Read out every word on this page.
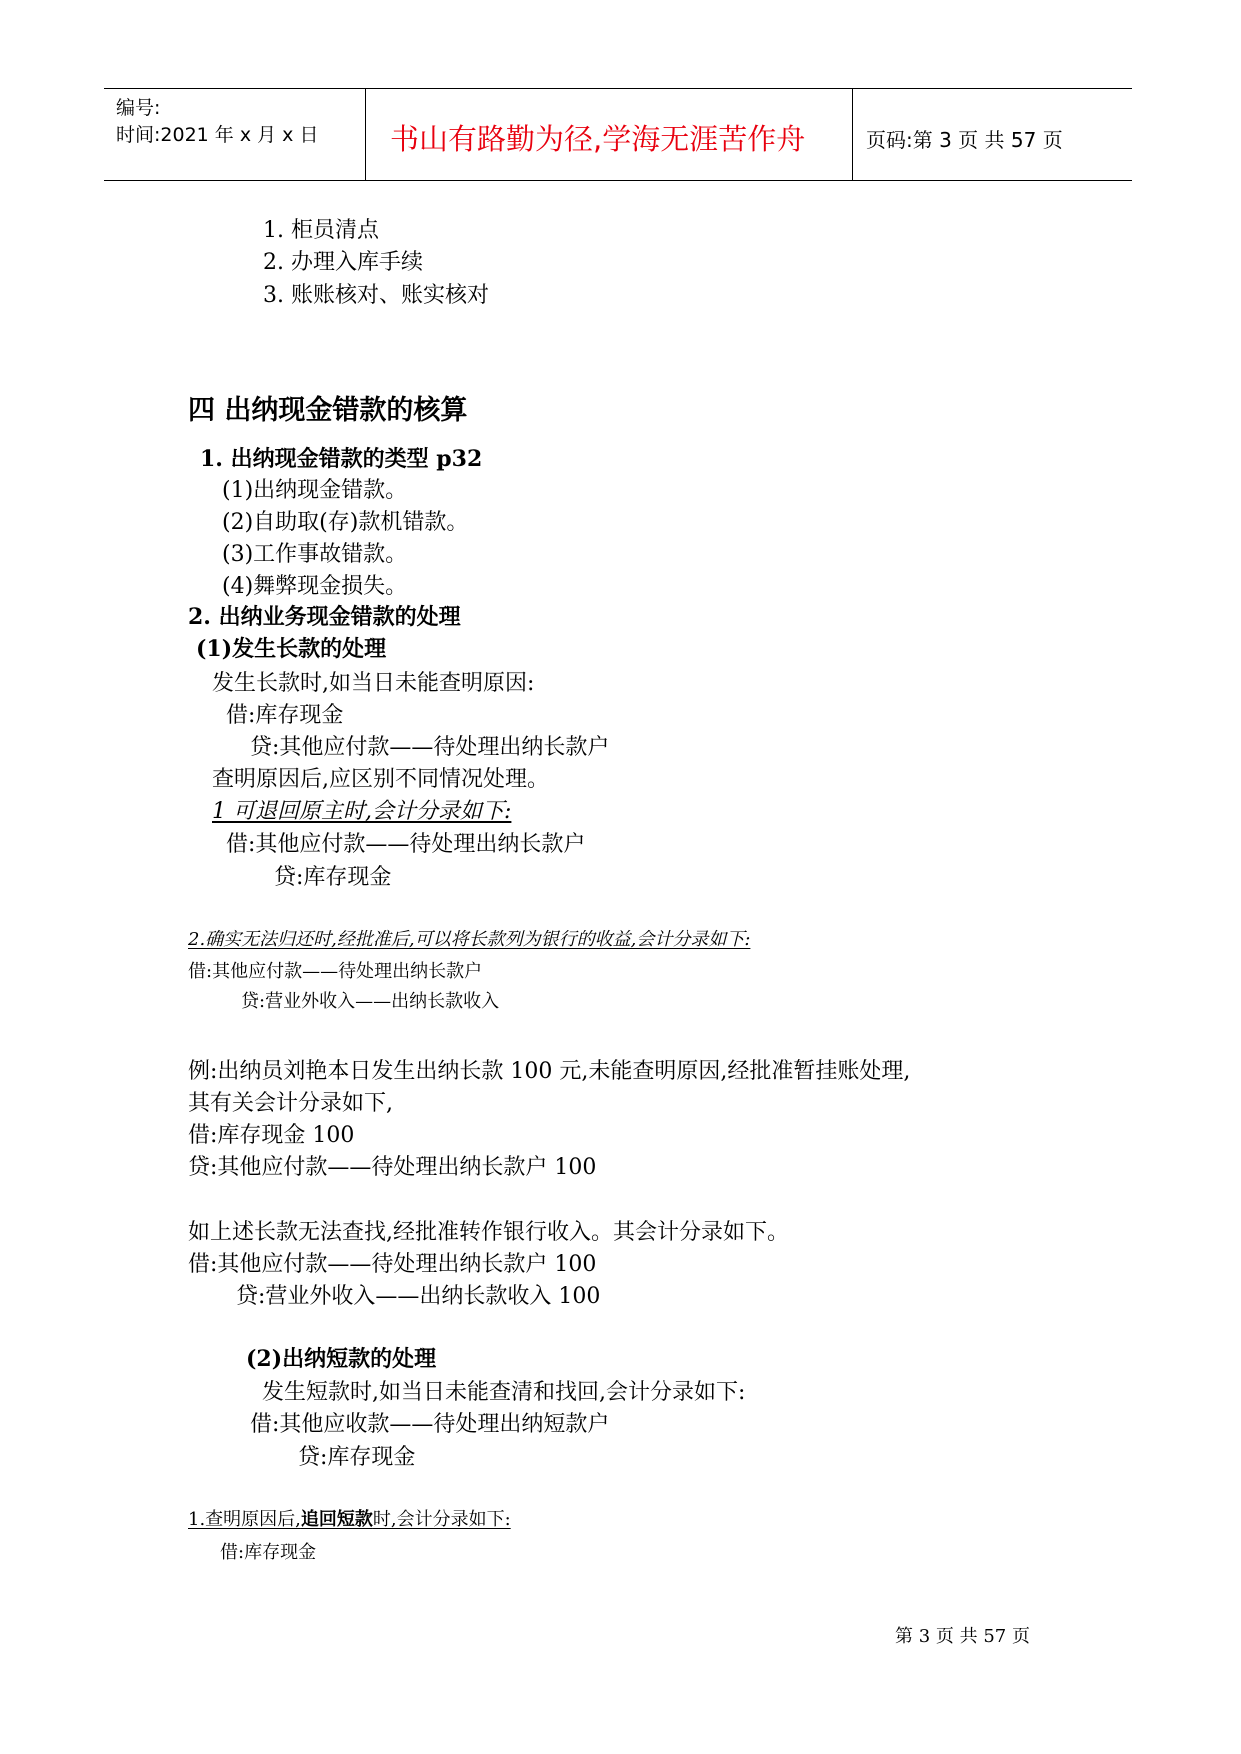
编号:
时间:2021 年 x 月 x 日 书山有路勤为径,学海无涯苦作舟	页码:第 3 页 共 57 页
1. 柜员清点
2. 办理入库手续
3. 账账核对、账实核对
四 出纳现金错款的核算
1. 出纳现金错款的类型 p32
(1)出纳现金错款。
(2)自助取(存)款机错款。
(3)工作事故错款。
(4)舞弊现金损失。
2. 出纳业务现金错款的处理
(1)发生长款的处理
发生长款时,如当日未能查明原因:
借:库存现金
贷:其他应付款——待处理出纳长款户
查明原因后,应区别不同情况处理。
1 可退回原主时,会计分录如下:
借:其他应付款——待处理出纳长款户
贷:库存现金
2.确实无法归还时,经批准后,可以将长款列为银行的收益,会计分录如下:
借:其他应付款——待处理出纳长款户
贷:营业外收入——出纳长款收入
例:出纳员刘艳本日发生出纳长款 100 元,未能查明原因,经批准暂挂账处理,
其有关会计分录如下,
借:库存现金 100
贷:其他应付款——待处理出纳长款户 100
如上述长款无法查找,经批准转作银行收入。其会计分录如下。
借:其他应付款——待处理出纳长款户 100
贷:营业外收入——出纳长款收入 100
(2)出纳短款的处理
发生短款时,如当日未能查清和找回,会计分录如下:
借:其他应收款——待处理出纳短款户
贷:库存现金
1.查明原因后,追回短款时,会计分录如下:
借:库存现金
第 3 页 共 57 页
